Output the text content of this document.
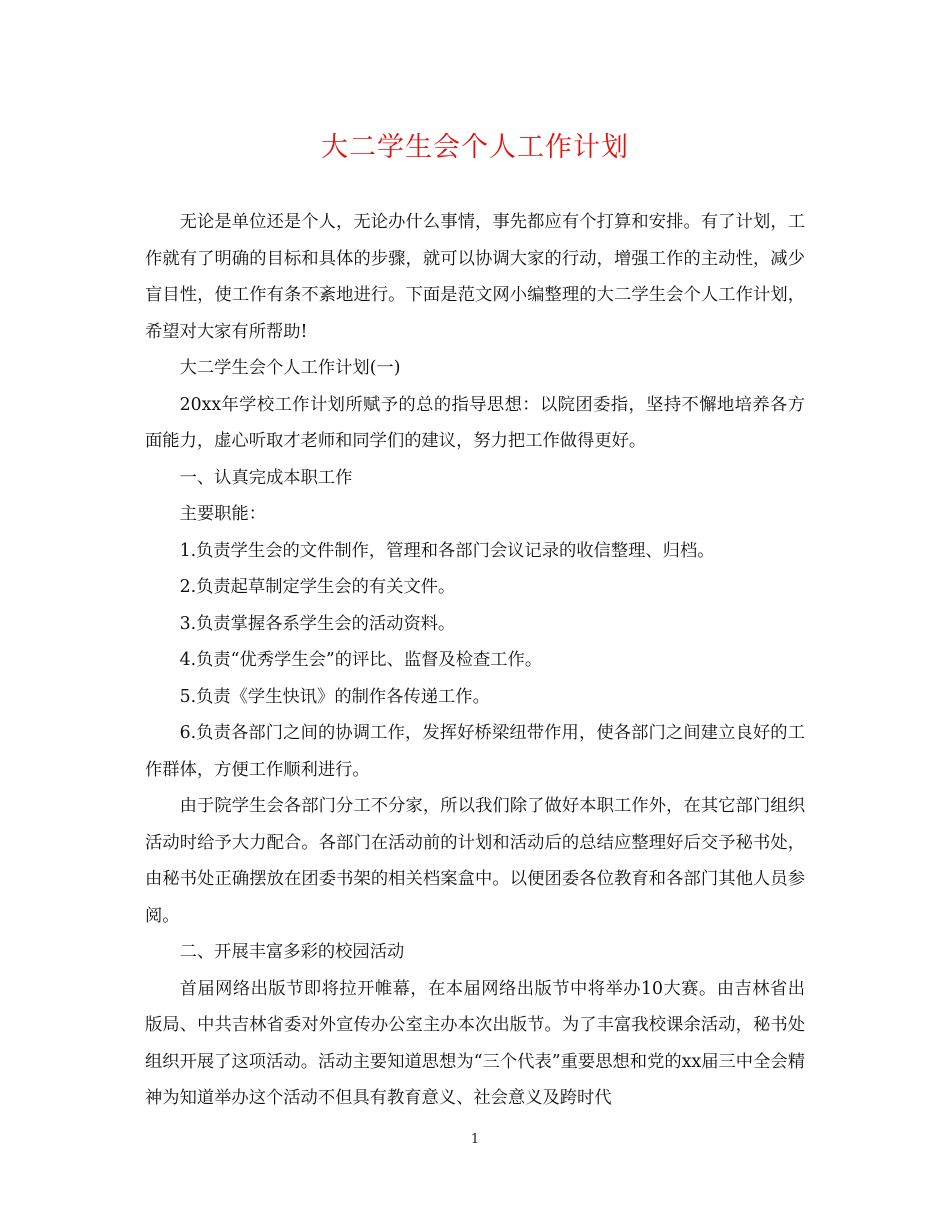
大二学生会个人工作计划

无论是单位还是个人，无论办什么事情，事先都应有个打算和安排。有了计划，工作就有了明确的目标和具体的步骤，就可以协调大家的行动，增强工作的主动性，减少盲目性，使工作有条不紊地进行。下面是范文网小编整理的大二学生会个人工作计划，希望对大家有所帮助!

大二学生会个人工作计划(一)

20xx年学校工作计划所赋予的总的指导思想：以院团委指，坚持不懈地培养各方面能力，虚心听取才老师和同学们的建议，努力把工作做得更好。

一、认真完成本职工作

主要职能：

1.负责学生会的文件制作，管理和各部门会议记录的收信整理、归档。

2.负责起草制定学生会的有关文件。

3.负责掌握各系学生会的活动资料。

4.负责“优秀学生会”的评比、监督及检查工作。

5.负责《学生快讯》的制作各传递工作。

6.负责各部门之间的协调工作，发挥好桥梁纽带作用，使各部门之间建立良好的工作群体，方便工作顺利进行。

由于院学生会各部门分工不分家，所以我们除了做好本职工作外，在其它部门组织活动时给予大力配合。各部门在活动前的计划和活动后的总结应整理好后交予秘书处，由秘书处正确摆放在团委书架的相关档案盒中。以便团委各位教育和各部门其他人员参阅。

二、开展丰富多彩的校园活动

首届网络出版节即将拉开帷幕，在本届网络出版节中将举办10大赛。由吉林省出版局、中共吉林省委对外宣传办公室主办本次出版节。为了丰富我校课余活动，秘书处组织开展了这项活动。活动主要知道思想为“三个代表”重要思想和党的xx届三中全会精神为知道举办这个活动不但具有教育意义、社会意义及跨时代

1
